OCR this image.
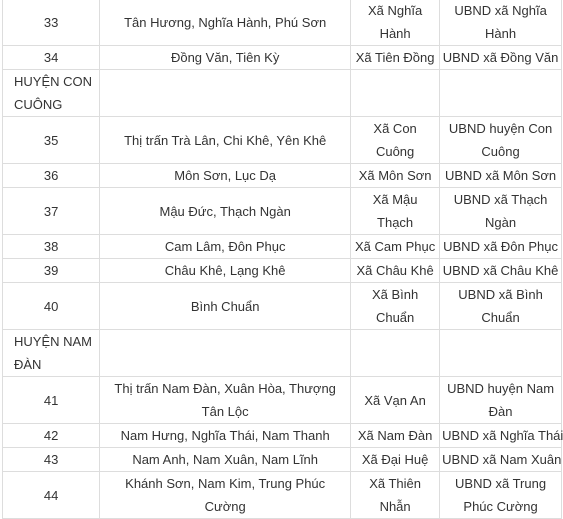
33	Tân Hương, Nghĩa Hành, Phú Sơn	Xã Nghĩa Hành	UBND xã Nghĩa Hành
34	Đồng Văn, Tiên Kỳ	Xã Tiên Đồng	UBND xã Đồng Văn
HUYỆN CON CUÔNG			
35	Thị trấn Trà Lân, Chi Khê, Yên Khê	Xã Con Cuông	UBND huyện Con Cuông
36	Môn Sơn, Lục Dạ	Xã Môn Sơn	UBND xã Môn Sơn
37	Mậu Đức, Thạch Ngàn	Xã Mậu Thạch	UBND xã Thạch Ngàn
38	Cam Lâm, Đôn Phục	Xã Cam Phục	UBND xã Đôn Phục
39	Châu Khê, Lạng Khê	Xã Châu Khê	UBND xã Châu Khê
40	Bình Chuẩn	Xã Bình Chuẩn	UBND xã Bình Chuẩn
HUYỆN NAM ĐÀN			
41	Thị trấn Nam Đàn, Xuân Hòa, Thượng Tân Lộc	Xã Vạn An	UBND huyện Nam Đàn
42	Nam Hưng, Nghĩa Thái, Nam Thanh	Xã Nam Đàn	UBND xã Nghĩa Thái
43	Nam Anh, Nam Xuân, Nam Lĩnh	Xã Đại Huệ	UBND xã Nam Xuân
44	Khánh Sơn, Nam Kim, Trung Phúc Cường	Xã Thiên Nhẫn	UBND xã Trung Phúc Cường
